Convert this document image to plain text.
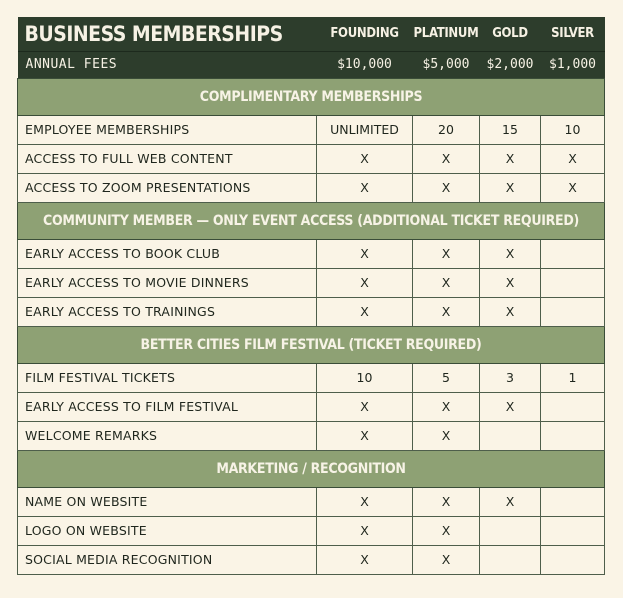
BUSINESS MEMBERSHIPS	FOUNDING	PLATINUM	GOLD	SILVER
ANNUAL FEES	$10,000	$5,000	$2,000	$1,000
COMPLIMENTARY MEMBERSHIPS				
EMPLOYEE MEMBERSHIPS	UNLIMITED	20	15	10
ACCESS TO FULL WEB CONTENT	X	X	X	X
ACCESS TO ZOOM PRESENTATIONS	X	X	X	X
COMMUNITY MEMBER — ONLY EVENT ACCESS (ADDITIONAL TICKET REQUIRED)				
EARLY ACCESS TO BOOK CLUB	X	X	X	
EARLY ACCESS TO MOVIE DINNERS	X	X	X	
EARLY ACCESS TO TRAININGS	X	X	X	
BETTER CITIES FILM FESTIVAL (TICKET REQUIRED)				
FILM FESTIVAL TICKETS	10	5	3	1
EARLY ACCESS TO FILM FESTIVAL	X	X	X	
WELCOME REMARKS	X	X		
MARKETING / RECOGNITION				
NAME ON WEBSITE	X	X	X	
LOGO ON WEBSITE	X	X		
SOCIAL MEDIA RECOGNITION	X	X		
